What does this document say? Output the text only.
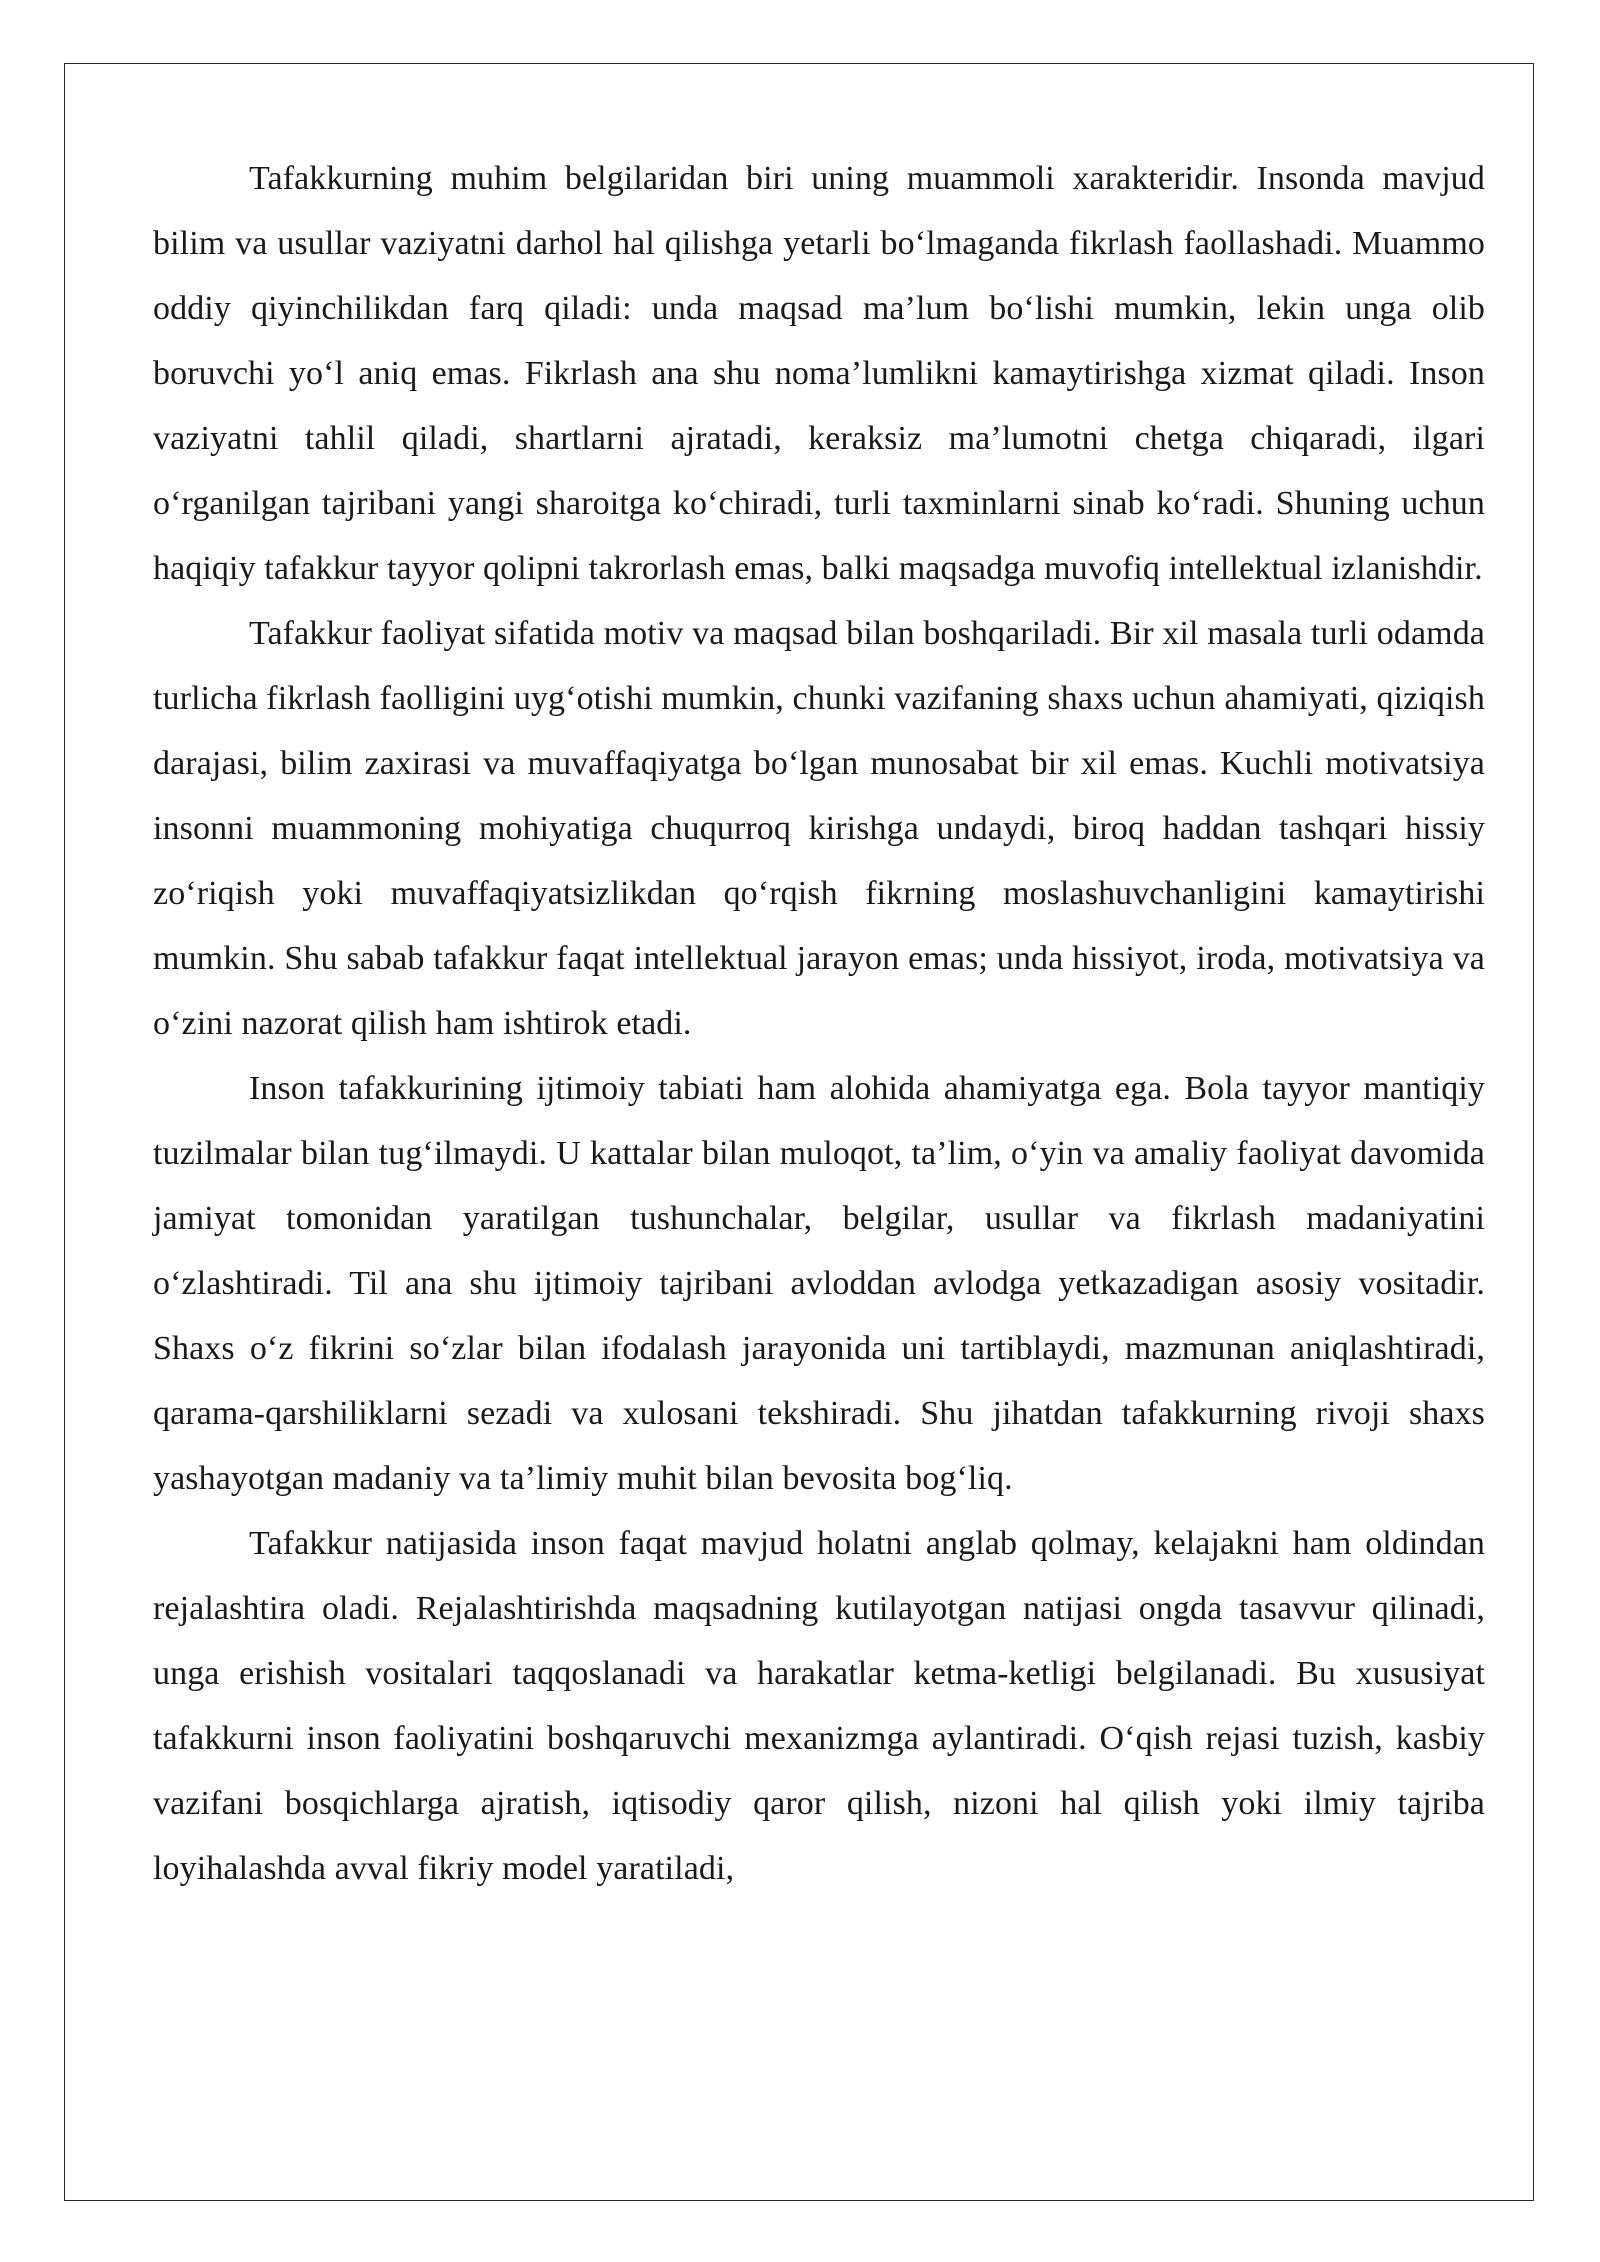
Tafakkurning muhim belgilaridan biri uning muammoli xarakteridir. Insonda mavjud bilim va usullar vaziyatni darhol hal qilishga yetarli bo‘lmaganda fikrlash faollashadi. Muammo oddiy qiyinchilikdan farq qiladi: unda maqsad ma’lum bo‘lishi mumkin, lekin unga olib boruvchi yo‘l aniq emas. Fikrlash ana shu noma’lumlikni kamaytirishga xizmat qiladi. Inson vaziyatni tahlil qiladi, shartlarni ajratadi, keraksiz ma’lumotni chetga chiqaradi, ilgari o‘rganilgan tajribani yangi sharoitga ko‘chiradi, turli taxminlarni sinab ko‘radi. Shuning uchun haqiqiy tafakkur tayyor qolipni takrorlash emas, balki maqsadga muvofiq intellektual izlanishdir.

Tafakkur faoliyat sifatida motiv va maqsad bilan boshqariladi. Bir xil masala turli odamda turlicha fikrlash faolligini uyg‘otishi mumkin, chunki vazifaning shaxs uchun ahamiyati, qiziqish darajasi, bilim zaxirasi va muvaffaqiyatga bo‘lgan munosabat bir xil emas. Kuchli motivatsiya insonni muammoning mohiyatiga chuqurroq kirishga undaydi, biroq haddan tashqari hissiy zo‘riqish yoki muvaffaqiyatsizlikdan qo‘rqish fikrning moslashuvchanligini kamaytirishi mumkin. Shu sabab tafakkur faqat intellektual jarayon emas; unda hissiyot, iroda, motivatsiya va o‘zini nazorat qilish ham ishtirok etadi.

Inson tafakkurining ijtimoiy tabiati ham alohida ahamiyatga ega. Bola tayyor mantiqiy tuzilmalar bilan tug‘ilmaydi. U kattalar bilan muloqot, ta’lim, o‘yin va amaliy faoliyat davomida jamiyat tomonidan yaratilgan tushunchalar, belgilar, usullar va fikrlash madaniyatini o‘zlashtiradi. Til ana shu ijtimoiy tajribani avloddan avlodga yetkazadigan asosiy vositadir. Shaxs o‘z fikrini so‘zlar bilan ifodalash jarayonida uni tartiblaydi, mazmunan aniqlashtiradi, qarama-qarshiliklarni sezadi va xulosani tekshiradi. Shu jihatdan tafakkurning rivoji shaxs yashayotgan madaniy va ta’limiy muhit bilan bevosita bog‘liq.

Tafakkur natijasida inson faqat mavjud holatni anglab qolmay, kelajakni ham oldindan rejalashtira oladi. Rejalashtirishda maqsadning kutilayotgan natijasi ongda tasavvur qilinadi, unga erishish vositalari taqqoslanadi va harakatlar ketma-ketligi belgilanadi. Bu xususiyat tafakkurni inson faoliyatini boshqaruvchi mexanizmga aylantiradi. O‘qish rejasi tuzish, kasbiy vazifani bosqichlarga ajratish, iqtisodiy qaror qilish, nizoni hal qilish yoki ilmiy tajriba loyihalashda avval fikriy model yaratiladi,
